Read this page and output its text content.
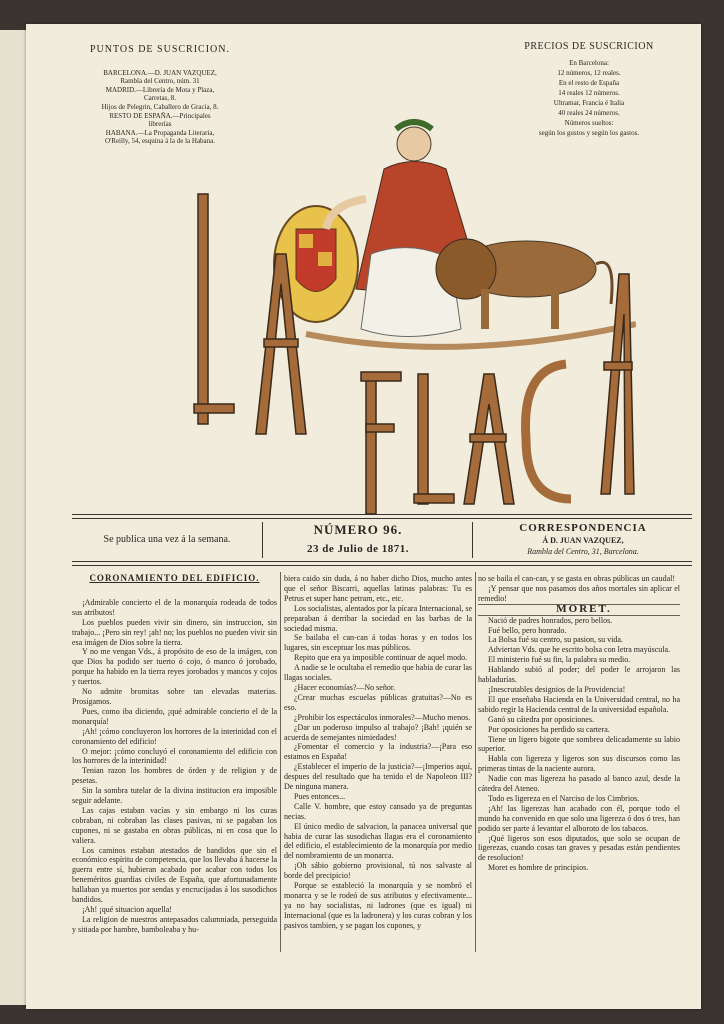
PUNTOS DE SUSCRICION.
BARCELONA.—D. JUAN VAZQUEZ,
Rambla del Centro, núm. 31
MADRID.—Librería de Mota y Plaza,
Carretas, 8.
Hijos de Pelegrin, Caballero de Gracia, 8.
RESTO DE ESPAÑA.—Principales
librerías
HABANA.—La Propaganda Literaria,
O'Reilly, 54, esquina á la de la Habana.
PRECIOS DE SUSCRICION
En Barcelona:
12 números, 12 reales.
En el resto de España
14 reales 12 números.
Ultramar, Francia é Italia
40 reales 24 números.
Números sueltos:
según los gustos y según los gastos.
LA FLACA
Se publica una vez á la semana.
NÚMERO 96.
23 de Julio de 1871.
CORRESPONDENCIA
Á D. JUAN VAZQUEZ,
Rambla del Centro, 31, Barcelona.

CORONAMIENTO DEL EDIFICIO.

¡Admirable concierto el de la monarquía rodeada de todos sus atributos!

Los pueblos pueden vivir sin dinero, sin instruccion, sin trabajo... ¡Pero sin rey! ¡ah! no; los pueblos no pueden vivir sin esa imágen de Dios sobre la tierra.

Y no me vengan Vds., á propósito de eso de la imágen, con que Dios ha podido ser tuerto ó cojo, ó manco ó jorobado, porque ha habido en la tierra reyes jorobados y mancos y cojos y tuertos.

No admite bromitas sobre tan elevadas materias. Prosigamos.

Pues, como iba diciendo, ¡qué admirable concierto el de la monarquía!

¡Ah! ¡cómo concluyeron los horrores de la interinidad con el coronamiento del edificio!

O mejor: ¡cómo concluyó el coronamiento del edificio con los horrores de la interinidad!

Tenian razon los hombres de órden y de religion y de pesetas.

Sin la sombra tutelar de la divina institucion era imposible seguir adelante.

Las cajas estaban vacías y sin embargo ni los curas cobraban, ni cobraban las clases pasivas, ni se pagaban los cupones, ni se gastaba en obras públicas, ni en cosa que lo valiera.

Los caminos estaban atestados de bandidos que sin el económico espíritu de competencia, que los llevaba á hacerse la guerra entre sí, hubieran acabado por acabar con todos los beneméritos guardias civiles de España, que afortunadamente hallaban ya muertos por sendas y encrucijadas á los susodichos bandidos.

¡Ah! ¡qué situacion aquella!

La religion de nuestros antepasados calumniada, perseguida y sitiada por hambre, bamboleaba y hu-

biera caido sin duda, á no haber dicho Dios, mucho antes que el señor Biscarri, aquellas latinas palabras: Tu es Petrus et super hanc petram, etc., etc.

Los socialistas, alentados por la pícara Internacional, se preparaban á derribar la sociedad en las barbas de la sociedad misma.

Se bailaba el can-can á todas horas y en todos los lugares, sin exceptuar los mas públicos.

Repito que era ya imposible continuar de aquel modo.

A nadie se le ocultaba el remedio que habia de curar las llagas sociales.

¿Hacer economías?—No señor.

¿Crear muchas escuelas públicas gratuitas?—No es eso.

¿Prohibir los espectáculos inmorales?—Mucho menos.

¿Dar un poderoso impulso al trabajo? ¡Bah! ¡quién se acuerda de semejantes nimiedades!

¿Fomentar el comercio y la industria?—¡Para eso estamos en España!

¿Establecer el imperio de la justicia?—¡Imperios aquí, despues del resultado que ha tenido el de Napoleon III? De ninguna manera.

Pues entonces...

Calle V. hombre, que estoy cansado ya de preguntas necias.

El único medio de salvacion, la panacea universal que habia de curar las susodichas llagas era el coronamiento del edificio, el establecimiento de la monarquía por medio del nombramiento de un monarca.

¡Oh sábio gobierno provisional, tú nos salvaste al borde del precipicio!

Porque se estableció la monarquía y se nombró el monarca y se le rodeó de sus atributos y efectivamente... ya no hay socialistas, ni ladrones (que es igual) ni Internacional (que es la ladronera) y los curas cobran y los pasivos tambien, y se pagan los cupones, y

no se baila el can-can, y se gasta en obras públicas un caudal!

¡Y pensar que nos pasamos dos años mortales sin aplicar el remedio!

MORET.

Nació de padres honrados, pero bellos.

Fué bello, pero honrado.

La Bolsa fué su centro, su pasion, su vida.

Adviertan Vds. que he escrito bolsa con letra mayúscula.

El ministerio fué su fin, la palabra su medio.

Hablando subió al poder; del poder le arrojaron las habladurías.

¡Inescrutables designios de la Providencia!

El que enseñaba Hacienda en la Universidad central, no ha sabido regir la Hacienda central de la universidad española.

Ganó su cátedra por oposiciones.

Por oposiciones ha perdido su cartera.

Tiene un ligero bigote que sombrea delicadamente su labio superior.

Habla con ligereza y ligeros son sus discursos como las primeras tintas de la naciente aurora.

Nadie con mas ligereza ha pasado al banco azul, desde la cátedra del Ateneo.

Todo es ligereza en el Narciso de los Cimbrios.

¡Ah! las ligerezas han acabado con él, porque todo el mundo ha convenido en que solo una ligereza ó dos ó tres, han podido ser parte á levantar el alboroto de los tabacos.

¡Qué ligeros son esos diputados, que solo se ocupan de ligerezas, cuando cosas tan graves y pesadas están pendientes de resolucion!

Moret es hombre de principios.
